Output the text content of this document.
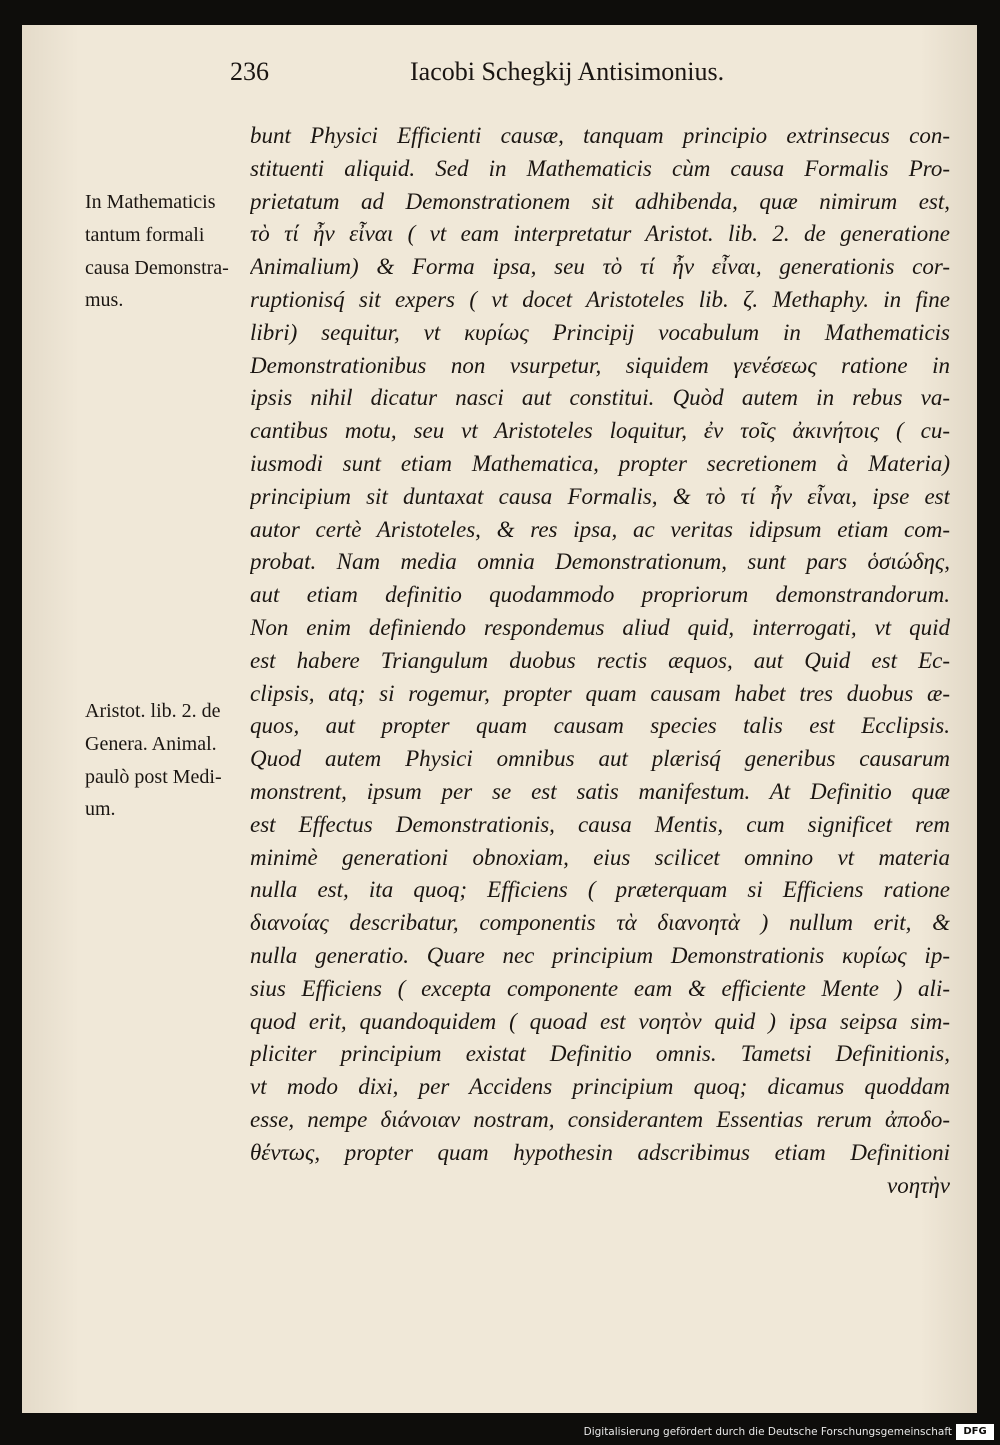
236	Iacobi Schegkij Antisimonius.
In Mathematicis
tantum formali
causa Demonstra-
mus.
Aristot. lib. 2. de
Genera. Animal.
paulò post Medi-
um.
bunt Physici Efficienti causæ, tanquam principio extrinsecus con-
stituenti aliquid. Sed in Mathematicis cùm causa Formalis Pro-
prietatum ad Demonstrationem sit adhibenda, quæ nimirum est,
τὸ τί ἦν εἶναι ( vt eam interpretatur Aristot. lib. 2. de generatione
Animalium) & Forma ipsa, seu τὸ τί ἦν εἶναι, generationis cor-
ruptionisq́ sit expers ( vt docet Aristoteles lib. ζ. Methaphy. in fine
libri) sequitur, vt κυρίως Principij vocabulum in Mathematicis
Demonstrationibus non vsurpetur, siquidem γενέσεως ratione in
ipsis nihil dicatur nasci aut constitui. Quòd autem in rebus va-
cantibus motu, seu vt Aristoteles loquitur, ἐν τοῖς ἀκινήτοις ( cu-
iusmodi sunt etiam Mathematica, propter secretionem à Materia)
principium sit duntaxat causa Formalis, & τὸ τί ἦν εἶναι, ipse est
autor certè Aristoteles, & res ipsa, ac veritas idipsum etiam com-
probat. Nam media omnia Demonstrationum, sunt pars ὁσιώδης,
aut etiam definitio quodammodo propriorum demonstrandorum.
Non enim definiendo respondemus aliud quid, interrogati, vt quid
est habere Triangulum duobus rectis æquos, aut Quid est Ec-
clipsis, atq; si rogemur, propter quam causam habet tres duobus æ-
quos, aut propter quam causam species talis est Ecclipsis.
Quod autem Physici omnibus aut plærisq́ generibus causarum
monstrent, ipsum per se est satis manifestum. At Definitio quæ
est Effectus Demonstrationis, causa Mentis, cum significet rem
minimè generationi obnoxiam, eius scilicet omnino vt materia
nulla est, ita quoq; Efficiens ( præterquam si Efficiens ratione
διανοίας describatur, componentis τὰ διανοητὰ ) nullum erit, &
nulla generatio. Quare nec principium Demonstrationis κυρίως ip-
sius Efficiens ( excepta componente eam & efficiente Mente ) ali-
quod erit, quandoquidem ( quoad est νοητὸν quid ) ipsa seipsa sim-
pliciter principium existat Definitio omnis. Tametsi Definitionis,
vt modo dixi, per Accidens principium quoq; dicamus quoddam
esse, nempe διάνοιαν nostram, considerantem Essentias rerum ἀποδο-
θέντως, propter quam hypothesin adscribimus etiam Definitioni
νοητὴν
Digitalisierung gefördert durch die Deutsche Forschungsgemeinschaft	DFG
